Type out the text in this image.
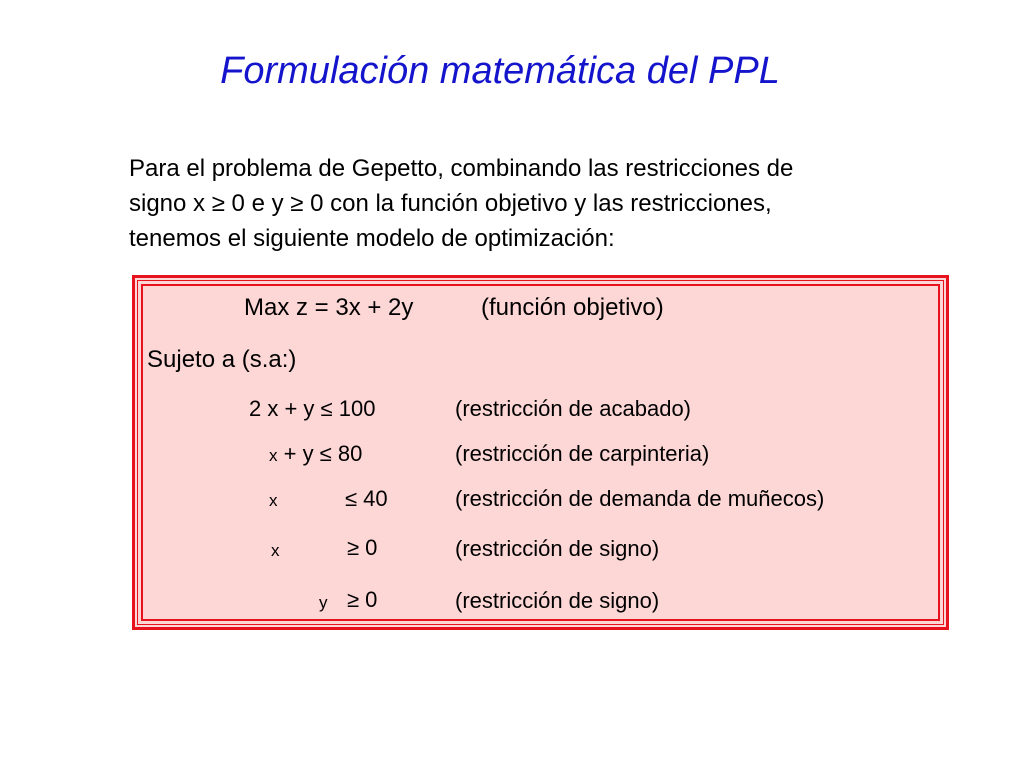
Formulación matemática del PPL
Para el problema de Gepetto, combinando las restricciones de
signo x ≥ 0 e y ≥ 0 con la función objetivo y las restricciones,
tenemos el siguiente modelo de optimización:
Max z = 3x + 2y	(función objetivo)
Sujeto a (s.a:)
2 x + y ≤ 100	(restricción de acabado)
x + y ≤ 80	(restricción de carpinteria)
x	≤ 40	(restricción de demanda de muñecos)
x	≥ 0	(restricción de signo)
y ≥ 0	(restricción de signo)
